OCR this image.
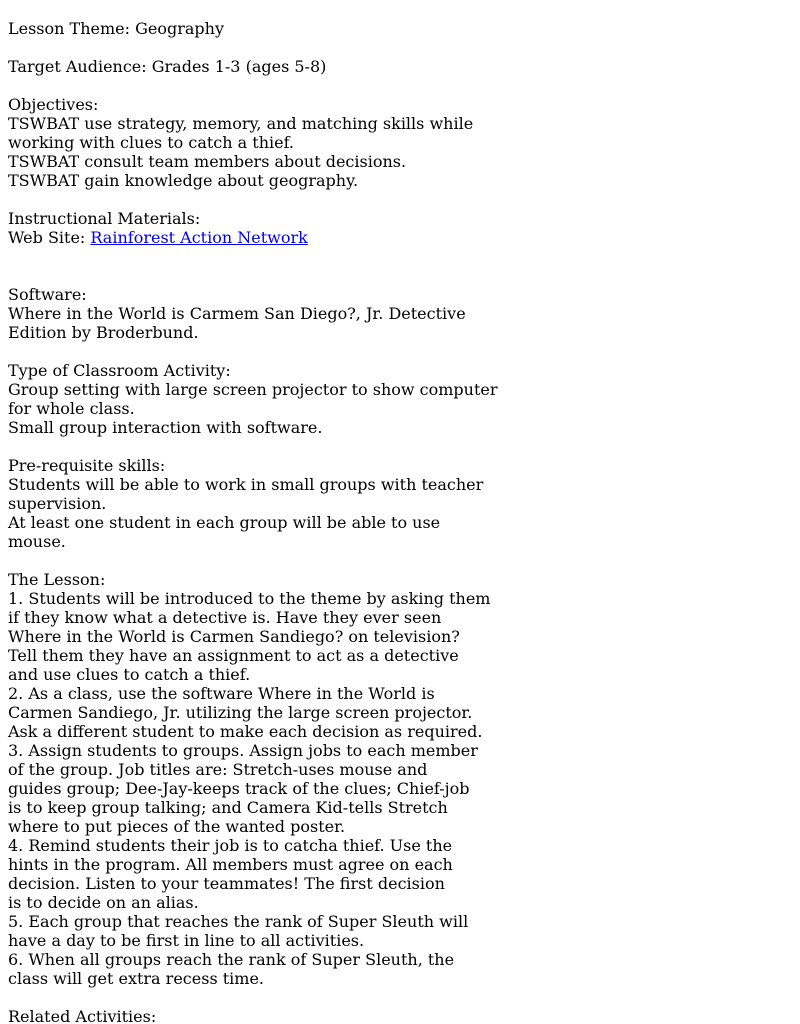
Lesson Theme: Geography
Target Audience: Grades 1-3 (ages 5-8)
Objectives:
TSWBAT use strategy, memory, and matching skills while
working with clues to catch a thief.
TSWBAT consult team members about decisions.
TSWBAT gain knowledge about geography.
Instructional Materials:
Web Site: Rainforest Action Network
Software:
Where in the World is Carmem San Diego?, Jr. Detective
Edition by Broderbund.
Type of Classroom Activity:
Group setting with large screen projector to show computer
for whole class.
Small group interaction with software.
Pre-requisite skills:
Students will be able to work in small groups with teacher
supervision.
At least one student in each group will be able to use
mouse.
The Lesson:
1. Students will be introduced to the theme by asking them
if they know what a detective is. Have they ever seen
Where in the World is Carmen Sandiego? on television?
Tell them they have an assignment to act as a detective
and use clues to catch a thief.
2. As a class, use the software Where in the World is
Carmen Sandiego, Jr. utilizing the large screen projector.
Ask a different student to make each decision as required.
3. Assign students to groups. Assign jobs to each member
of the group. Job titles are: Stretch-uses mouse and
guides group; Dee-Jay-keeps track of the clues; Chief-job
is to keep group talking; and Camera Kid-tells Stretch
where to put pieces of the wanted poster.
4. Remind students their job is to catcha thief. Use the
hints in the program. All members must agree on each
decision. Listen to your teammates! The first decision
is to decide on an alias.
5. Each group that reaches the rank of Super Sleuth will
have a day to be first in line to all activities.
6. When all groups reach the rank of Super Sleuth, the
class will get extra recess time.
Related Activities:
